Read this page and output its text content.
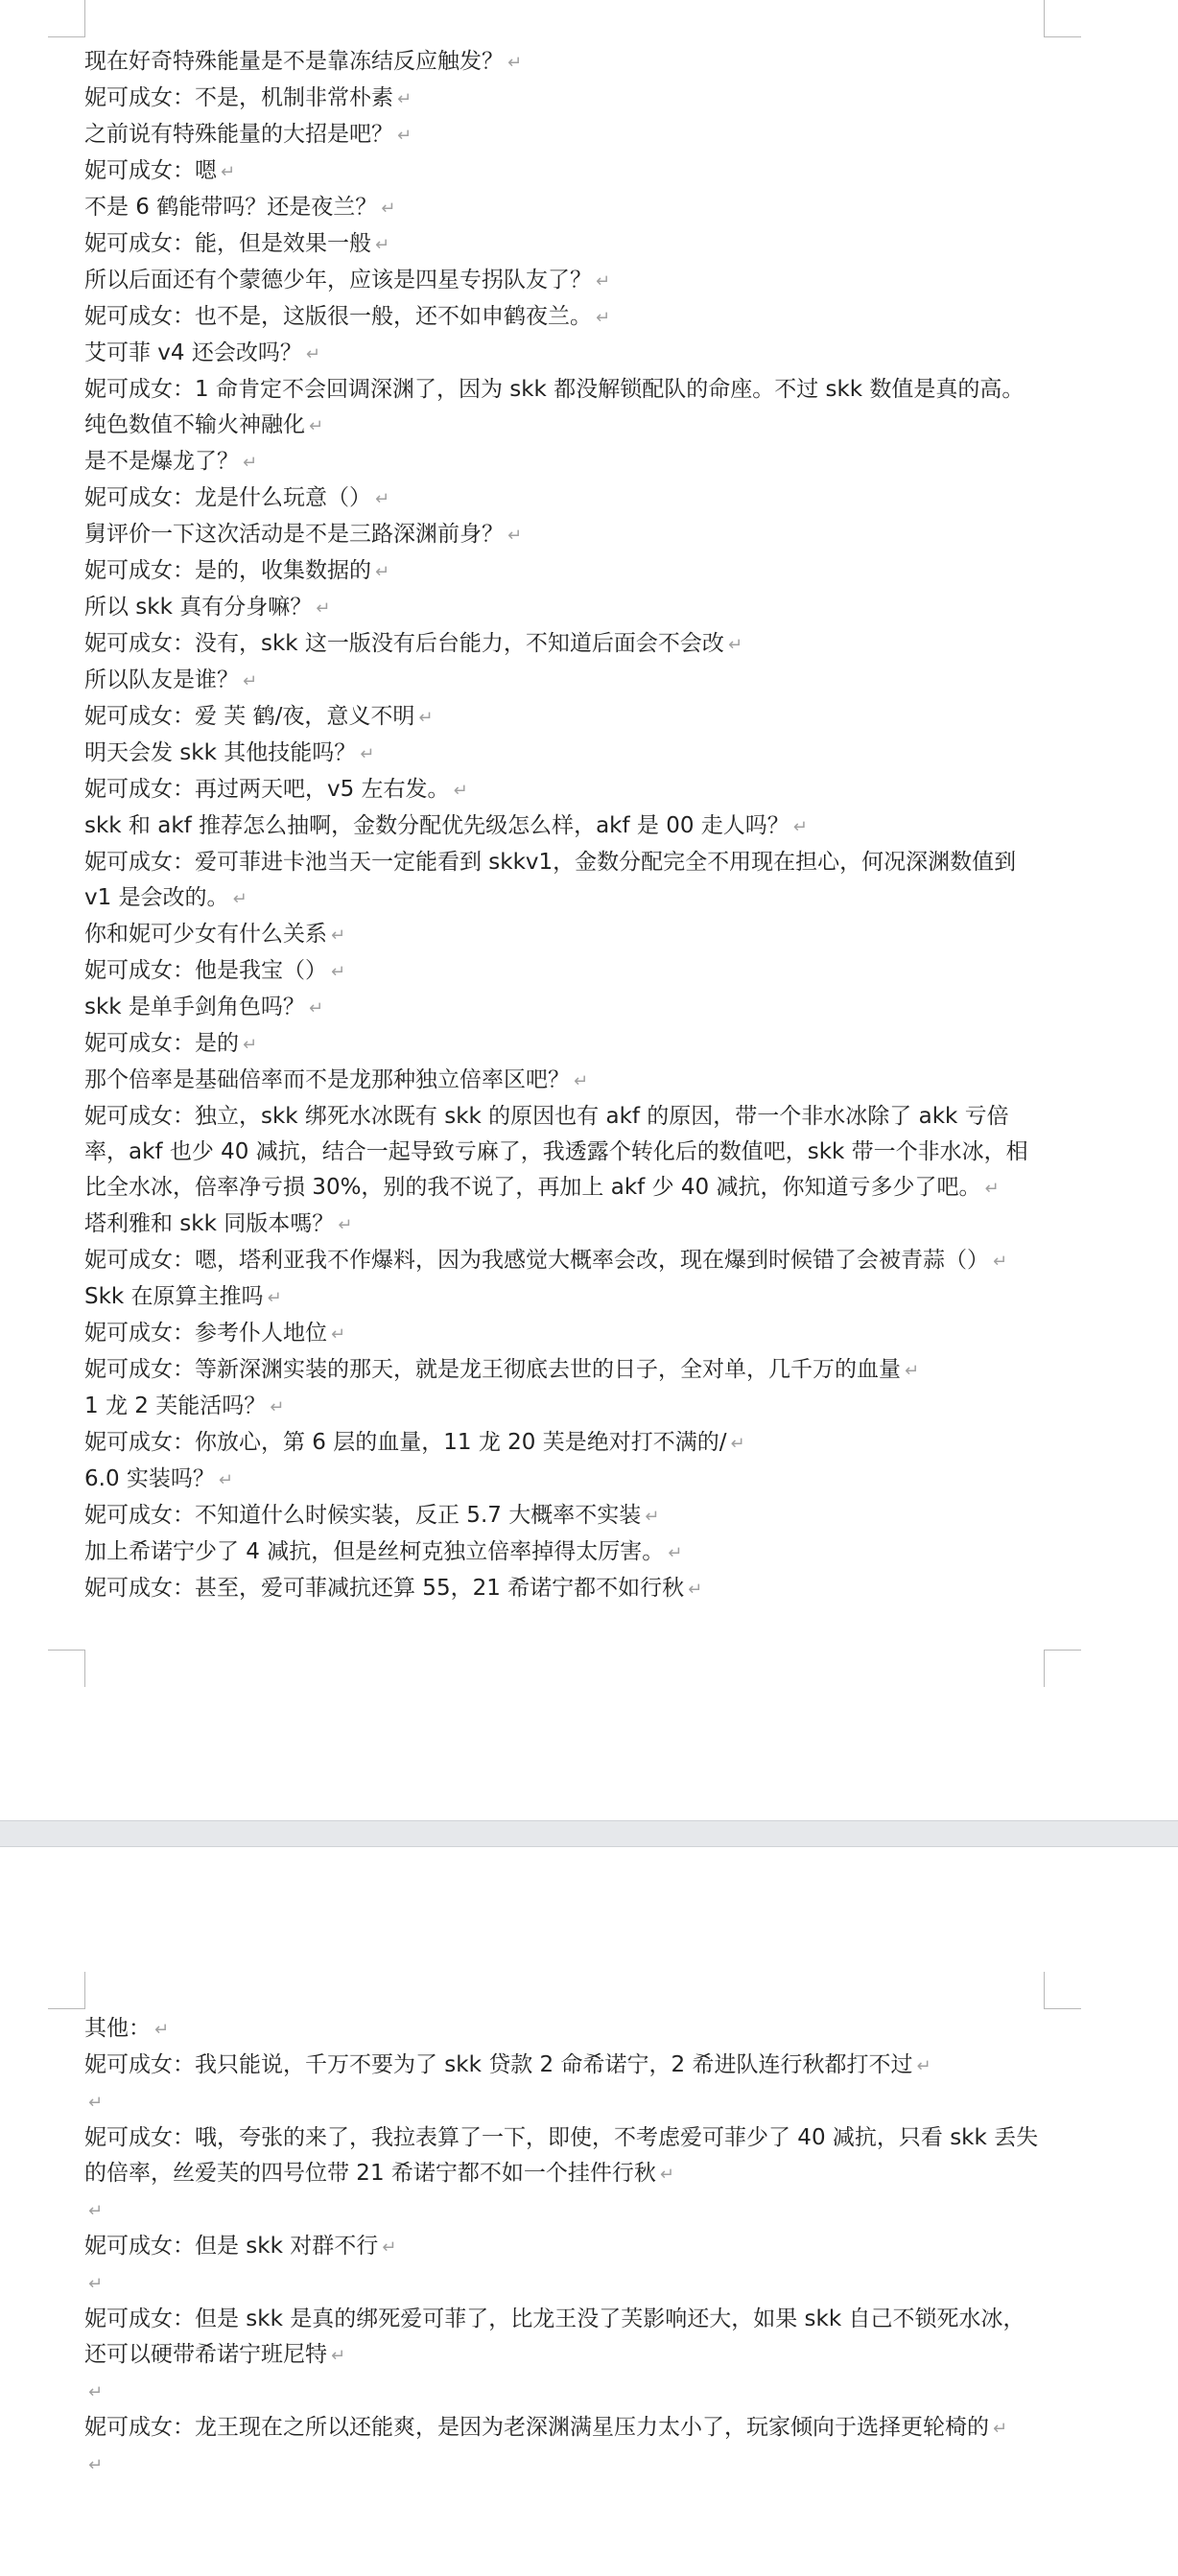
现在好奇特殊能量是不是靠冻结反应触发？ ↵
妮可成女：不是，机制非常朴素 ↵
之前说有特殊能量的大招是吧？ ↵
妮可成女：嗯 ↵
不是 6 鹤能带吗？还是夜兰？ ↵
妮可成女：能，但是效果一般 ↵
所以后面还有个蒙德少年，应该是四星专拐队友了？ ↵
妮可成女：也不是，这版很一般，还不如申鹤夜兰。 ↵
艾可菲 v4 还会改吗？ ↵
妮可成女：1 命肯定不会回调深渊了，因为 skk 都没解锁配队的命座。不过 skk 数值是真的高。纯色数值不输火神融化 ↵
是不是爆龙了？ ↵
妮可成女：龙是什么玩意（） ↵
舅评价一下这次活动是不是三路深渊前身？ ↵
妮可成女：是的，收集数据的 ↵
所以 skk 真有分身嘛？ ↵
妮可成女：没有，skk 这一版没有后台能力，不知道后面会不会改 ↵
所以队友是谁？ ↵
妮可成女：爱 芙 鹤/夜，意义不明 ↵
明天会发 skk 其他技能吗？ ↵
妮可成女：再过两天吧，v5 左右发。 ↵
skk 和 akf 推荐怎么抽啊，金数分配优先级怎么样，akf 是 00 走人吗？ ↵
妮可成女：爱可菲进卡池当天一定能看到 skkv1，金数分配完全不用现在担心，何况深渊数值到 v1 是会改的。 ↵
你和妮可少女有什么关系 ↵
妮可成女：他是我宝（） ↵
skk 是单手剑角色吗？ ↵
妮可成女：是的 ↵
那个倍率是基础倍率而不是龙那种独立倍率区吧？ ↵
妮可成女：独立，skk 绑死水冰既有 skk 的原因也有 akf 的原因，带一个非水冰除了 akk 亏倍率，akf 也少 40 减抗，结合一起导致亏麻了，我透露个转化后的数值吧，skk 带一个非水冰，相比全水冰，倍率净亏损 30%，别的我不说了，再加上 akf 少 40 减抗，你知道亏多少了吧。 ↵
塔利雅和 skk 同版本嗎？ ↵
妮可成女：嗯，塔利亚我不作爆料，因为我感觉大概率会改，现在爆到时候错了会被青蒜（） ↵
Skk 在原算主推吗 ↵
妮可成女：参考仆人地位 ↵
妮可成女：等新深渊实装的那天，就是龙王彻底去世的日子，全对单，几千万的血量 ↵
1 龙 2 芙能活吗？ ↵
妮可成女：你放心，第 6 层的血量，11 龙 20 芙是绝对打不满的/ ↵
6.0 实装吗？ ↵
妮可成女：不知道什么时候实装，反正 5.7 大概率不实装 ↵
加上希诺宁少了 4 减抗，但是丝柯克独立倍率掉得太厉害。 ↵
妮可成女：甚至，爱可菲减抗还算 55，21 希诺宁都不如行秋 ↵
其他： ↵
妮可成女：我只能说，千万不要为了 skk 贷款 2 命希诺宁，2 希进队连行秋都打不过 ↵
↵
妮可成女：哦，夸张的来了，我拉表算了一下，即使，不考虑爱可菲少了 40 减抗，只看 skk 丢失的倍率，丝爱芙的四号位带 21 希诺宁都不如一个挂件行秋 ↵
↵
妮可成女：但是 skk 对群不行 ↵
↵
妮可成女：但是 skk 是真的绑死爱可菲了，比龙王没了芙影响还大，如果 skk 自己不锁死水冰，还可以硬带希诺宁班尼特 ↵
↵
妮可成女：龙王现在之所以还能爽，是因为老深渊满星压力太小了，玩家倾向于选择更轮椅的 ↵
↵
